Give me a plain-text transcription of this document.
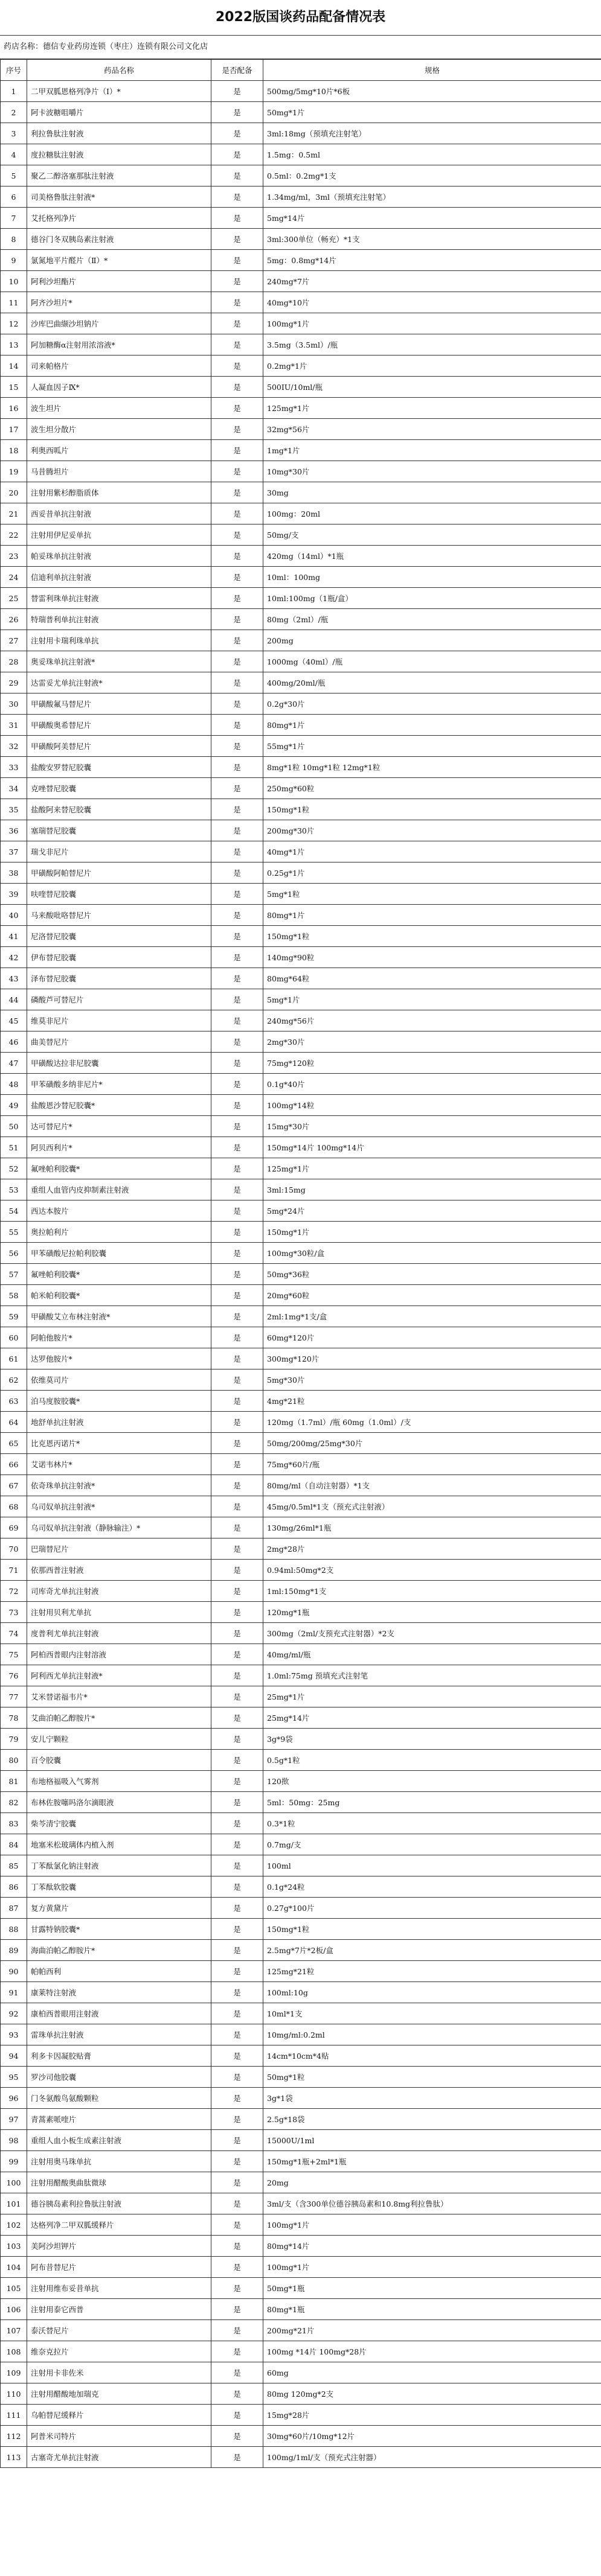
2022版国谈药品配备情况表
药店名称：德信专业药房连锁（枣庄）连锁有限公司文化店
序号	药品名称	是否配备	规格
1	二甲双胍恩格列净片（Ⅰ）*	是	500mg/5mg*10片*6板
2	阿卡波糖咀嚼片	是	50mg*1片
3	利拉鲁肽注射液	是	3ml:18mg（预填充注射笔）
4	度拉糖肽注射液	是	1.5mg：0.5ml
5	聚乙二醇洛塞那肽注射液	是	0.5ml：0.2mg*1支
6	司美格鲁肽注射液*	是	1.34mg/ml，3ml（预填充注射笔）
7	艾托格列净片	是	5mg*14片
8	德谷门冬双胰岛素注射液	是	3ml:300单位（畅充）*1支
9	氯氮地平片醛片（Ⅱ）*	是	5mg：0.8mg*14片
10	阿利沙坦酯片	是	240mg*7片
11	阿齐沙坦片*	是	40mg*10片
12	沙库巴曲缬沙坦钠片	是	100mg*1片
13	阿加糖酶α注射用浓溶液*	是	3.5mg（3.5ml）/瓶
14	司来帕格片	是	0.2mg*1片
15	人凝血因子Ⅸ*	是	500IU/10ml/瓶
16	波生坦片	是	125mg*1片
17	波生坦分散片	是	32mg*56片
18	利奥西呱片	是	1mg*1片
19	马昔腾坦片	是	10mg*30片
20	注射用紫杉醇脂质体	是	30mg
21	西妥昔单抗注射液	是	100mg：20ml
22	注射用伊尼妥单抗	是	50mg/支
23	帕妥珠单抗注射液	是	420mg（14ml）*1瓶
24	信迪利单抗注射液	是	10ml：100mg
25	替雷利珠单抗注射液	是	10ml:100mg（1瓶/盒）
26	特瑞普利单抗注射液	是	80mg（2ml）/瓶
27	注射用卡瑞利珠单抗	是	200mg
28	奥妥珠单抗注射液*	是	1000mg（40ml）/瓶
29	达雷妥尤单抗注射液*	是	400mg/20ml/瓶
30	甲磺酸氟马替尼片	是	0.2g*30片
31	甲磺酸奥希替尼片	是	80mg*1片
32	甲磺酸阿美替尼片	是	55mg*1片
33	盐酸安罗替尼胶囊	是	8mg*1粒 10mg*1粒 12mg*1粒
34	克唑替尼胶囊	是	250mg*60粒
35	盐酸阿来替尼胶囊	是	150mg*1粒
36	塞瑞替尼胶囊	是	200mg*30片
37	瑞戈非尼片	是	40mg*1片
38	甲磺酸阿帕替尼片	是	0.25g*1片
39	呋喹替尼胶囊	是	5mg*1粒
40	马来酸吡咯替尼片	是	80mg*1片
41	尼洛替尼胶囊	是	150mg*1粒
42	伊布替尼胶囊	是	140mg*90粒
43	泽布替尼胶囊	是	80mg*64粒
44	磷酸芦可替尼片	是	5mg*1片
45	维莫非尼片	是	240mg*56片
46	曲美替尼片	是	2mg*30片
47	甲磺酸达拉非尼胶囊	是	75mg*120粒
48	甲苯磺酸多纳非尼片*	是	0.1g*40片
49	盐酸恩沙替尼胶囊*	是	100mg*14粒
50	达可替尼片*	是	15mg*30片
51	阿贝西利片*	是	150mg*14片 100mg*14片
52	氟唑帕利胶囊*	是	125mg*1片
53	重组人血管内皮抑制素注射液	是	3ml:15mg
54	西达本胺片	是	5mg*24片
55	奥拉帕利片	是	150mg*1片
56	甲苯磺酸尼拉帕利胶囊	是	100mg*30粒/盒
57	氟唑帕利胶囊*	是	50mg*36粒
58	帕米帕利胶囊*	是	20mg*60粒
59	甲磺酸艾立布林注射液*	是	2ml:1mg*1支/盒
60	阿帕他胺片*	是	60mg*120片
61	达罗他胺片*	是	300mg*120片
62	依维莫司片	是	5mg*30片
63	泊马度胺胶囊*	是	4mg*21粒
64	地舒单抗注射液	是	120mg（1.7ml）/瓶 60mg（1.0ml）/支
65	比克恩丙诺片*	是	50mg/200mg/25mg*30片
66	艾诺韦林片*	是	75mg*60片/瓶
67	依奇珠单抗注射液*	是	80mg/ml（自动注射器）*1支
68	乌司奴单抗注射液*	是	45mg/0.5ml*1支（预充式注射液）
69	乌司奴单抗注射液（静脉输注）*	是	130mg/26ml*1瓶
70	巴瑞替尼片	是	2mg*28片
71	依那西普注射液	是	0.94ml:50mg*2支
72	司库奇尤单抗注射液	是	1ml:150mg*1支
73	注射用贝利尤单抗	是	120mg*1瓶
74	度普利尤单抗注射液	是	300mg（2ml/支预充式注射器）*2支
75	阿柏西普眼内注射溶液	是	40mg/ml/瓶
76	阿利西尤单抗注射液*	是	1.0ml:75mg 预填充式注射笔
77	艾米替诺福韦片*	是	25mg*1片
78	艾曲泊帕乙醇胺片*	是	25mg*14片
79	安儿宁颗粒	是	3g*9袋
80	百令胶囊	是	0.5g*1粒
81	布地格福吸入气雾剂	是	120揿
82	布林佐胺噻吗洛尔滴眼液	是	5ml：50mg：25mg
83	柴芩清宁胶囊	是	0.3*1粒
84	地塞米松玻璃体内植入剂	是	0.7mg/支
85	丁苯酞氯化钠注射液	是	100ml
86	丁苯酞软胶囊	是	0.1g*24粒
87	复方黄黛片	是	0.27g*100片
88	甘露特钠胶囊*	是	150mg*1粒
89	海曲泊帕乙醇胺片*	是	2.5mg*7片*2板/盒
90	帕帕西利	是	125mg*21粒
91	康莱特注射液	是	100ml:10g
92	康柏西普眼用注射液	是	10ml*1支
93	雷珠单抗注射液	是	10mg/ml:0.2ml
94	利多卡因凝胶贴膏	是	14cm*10cm*4贴
95	罗沙司他胶囊	是	50mg*1粒
96	门冬氨酸鸟氨酸颗粒	是	3g*1袋
97	青蒿素哌喹片	是	2.5g*18袋
98	重组人血小板生成素注射液	是	15000U/1ml
99	注射用奥马珠单抗	是	150mg*1瓶+2ml*1瓶
100	注射用醋酸奥曲肽微球	是	20mg
101	德谷胰岛素利拉鲁肽注射液	是	3ml/支（含300单位德谷胰岛素和10.8mg利拉鲁肽）
102	达格列净二甲双胍缓释片	是	100mg*1片
103	美阿沙坦钾片	是	80mg*14片
104	阿布昔替尼片	是	100mg*1片
105	注射用维布妥昔单抗	是	50mg*1瓶
106	注射用泰它西普	是	80mg*1瓶
107	泰沃替尼片	是	200mg*21片
108	维奈克拉片	是	100mg *14片 100mg*28片
109	注射用卡非佐米	是	60mg
110	注射用醋酸地加瑞克	是	80mg 120mg*2支
111	乌帕替尼缓释片	是	15mg*28片
112	阿普米司特片	是	30mg*60片/10mg*12片
113	古塞奇尤单抗注射液	是	100mg/1ml/支（预充式注射器）
